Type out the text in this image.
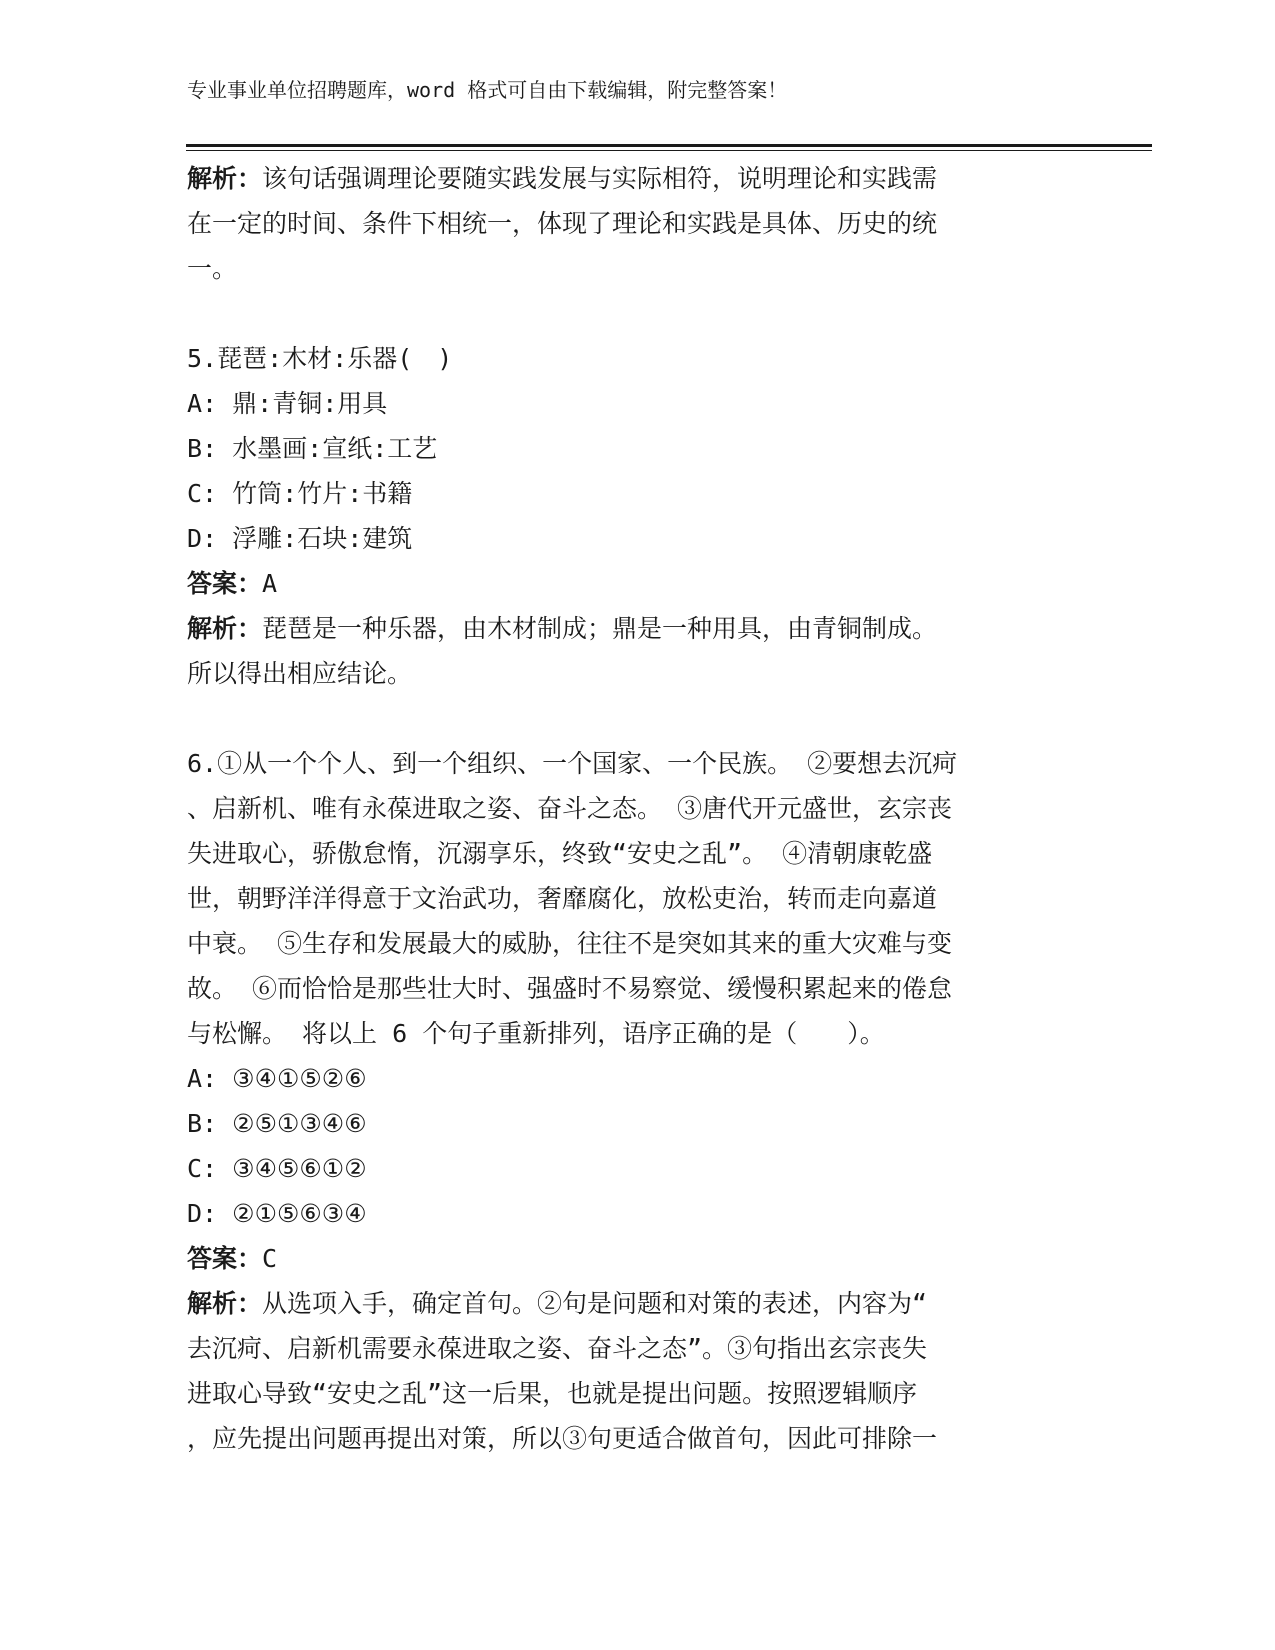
专业事业单位招聘题库，word 格式可自由下载编辑，附完整答案！
解析：该句话强调理论要随实践发展与实际相符，说明理论和实践需
在一定的时间、条件下相统一，体现了理论和实践是具体、历史的统
一。
5.琵琶:木材:乐器(　)
A: 鼎:青铜:用具
B: 水墨画:宣纸:工艺
C: 竹筒:竹片:书籍
D: 浮雕:石块:建筑
答案：A
解析：琵琶是一种乐器，由木材制成；鼎是一种用具，由青铜制成。
所以得出相应结论。
6.①从一个个人、到一个组织、一个国家、一个民族。 ②要想去沉疴
、启新机、唯有永葆进取之姿、奋斗之态。 ③唐代开元盛世，玄宗丧
失进取心，骄傲怠惰，沉溺享乐，终致“安史之乱”。 ④清朝康乾盛
世，朝野洋洋得意于文治武功，奢靡腐化，放松吏治，转而走向嘉道
中衰。 ⑤生存和发展最大的威胁，往往不是突如其来的重大灾难与变
故。 ⑥而恰恰是那些壮大时、强盛时不易察觉、缓慢积累起来的倦怠
与松懈。 将以上 6 个句子重新排列，语序正确的是（　　）。
A: ③④①⑤②⑥
B: ②⑤①③④⑥
C: ③④⑤⑥①②
D: ②①⑤⑥③④
答案：C
解析：从选项入手，确定首句。②句是问题和对策的表述，内容为“
去沉疴、启新机需要永葆进取之姿、奋斗之态”。③句指出玄宗丧失
进取心导致“安史之乱”这一后果，也就是提出问题。按照逻辑顺序
，应先提出问题再提出对策，所以③句更适合做首句，因此可排除一
